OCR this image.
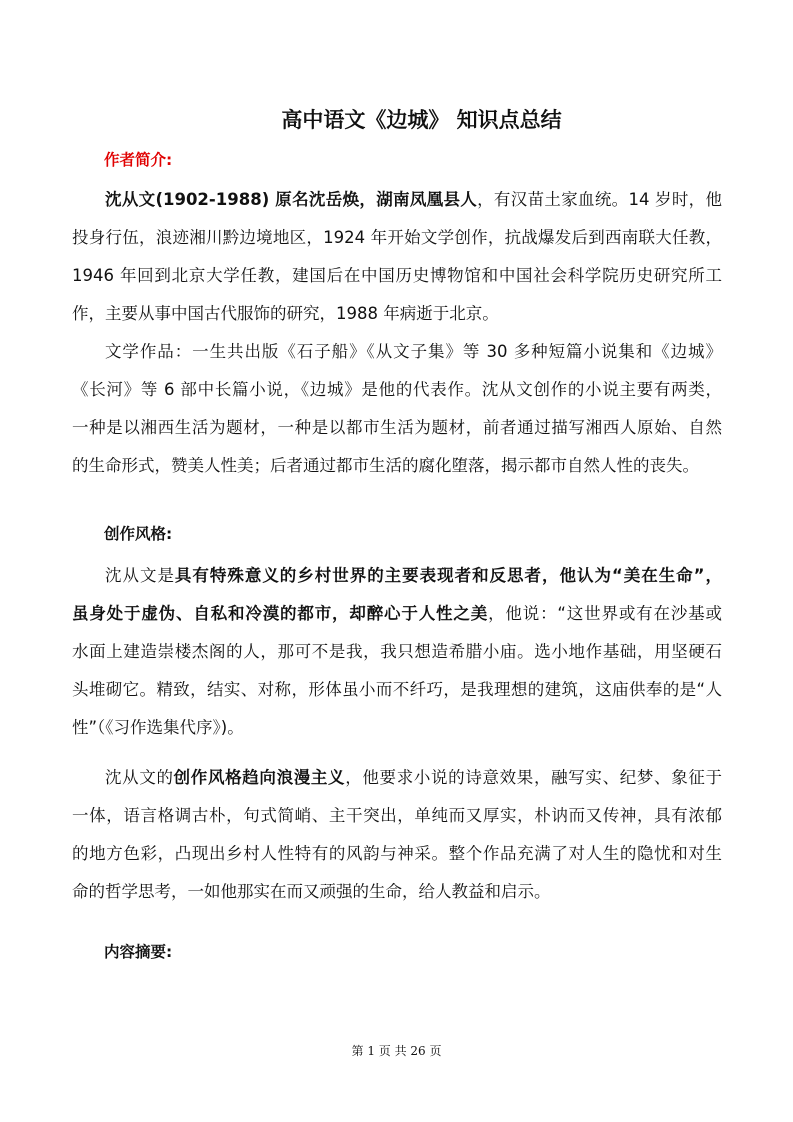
高中语文《边城》 知识点总结
作者简介:
沈从文(1902-1988) 原名沈岳焕，湖南凤凰县人，有汉苗土家血统。14 岁时，他
投身行伍，浪迹湘川黔边境地区，1924 年开始文学创作，抗战爆发后到西南联大任教，
1946 年回到北京大学任教，建国后在中国历史博物馆和中国社会科学院历史研究所工
作，主要从事中国古代服饰的研究，1988 年病逝于北京。
文学作品：一生共出版《石子船》《从文子集》等 30 多种短篇小说集和《边城》
《长河》等 6 部中长篇小说，《边城》是他的代表作。沈从文创作的小说主要有两类，
一种是以湘西生活为题材，一种是以都市生活为题材，前者通过描写湘西人原始、自然
的生命形式，赞美人性美；后者通过都市生活的腐化堕落，揭示都市自然人性的丧失。
创作风格:
沈从文是具有特殊意义的乡村世界的主要表现者和反思者，他认为“美在生命”，
虽身处于虚伪、自私和冷漠的都市，却醉心于人性之美，他说：“这世界或有在沙基或
水面上建造崇楼杰阁的人，那可不是我，我只想造希腊小庙。选小地作基础，用坚硬石
头堆砌它。精致，结实、对称，形体虽小而不纤巧，是我理想的建筑，这庙供奉的是“人
性”（《习作选集代序》)。
沈从文的创作风格趋向浪漫主义，他要求小说的诗意效果，融写实、纪梦、象征于
一体，语言格调古朴，句式简峭、主干突出，单纯而又厚实，朴讷而又传神，具有浓郁
的地方色彩，凸现出乡村人性特有的风韵与神采。整个作品充满了对人生的隐忧和对生
命的哲学思考，一如他那实在而又顽强的生命，给人教益和启示。
内容摘要:
第 1 页 共 26 页
